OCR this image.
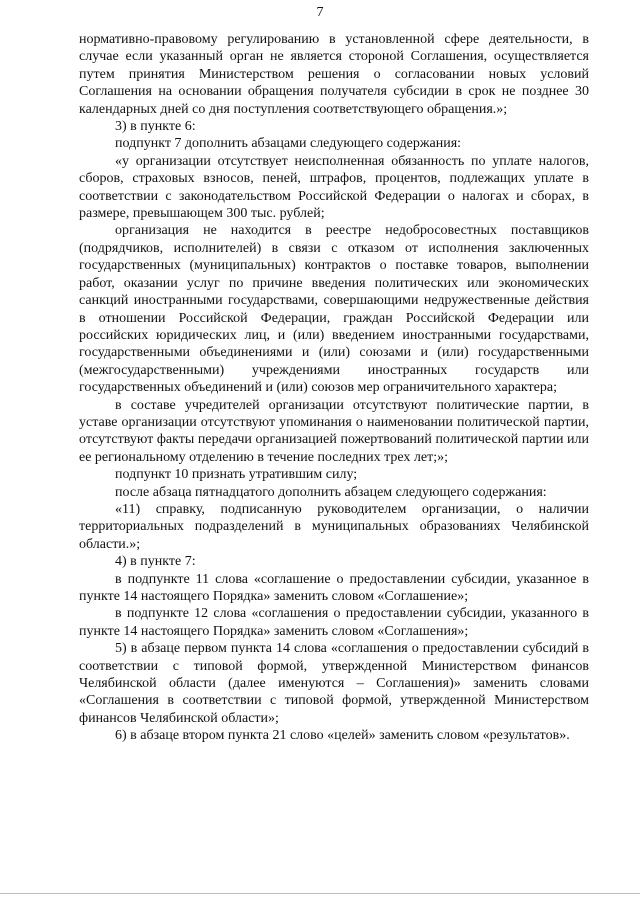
7

нормативно-правовому регулированию в установленной сфере деятельности, в случае если указанный орган не является стороной Соглашения, осуществляется путем принятия Министерством решения о согласовании новых условий Соглашения на основании обращения получателя субсидии в срок не позднее 30 календарных дней со дня поступления соответствующего обращения.»;

3) в пункте 6:

подпункт 7 дополнить абзацами следующего содержания:

«у организации отсутствует неисполненная обязанность по уплате налогов, сборов, страховых взносов, пеней, штрафов, процентов, подлежащих уплате в соответствии с законодательством Российской Федерации о налогах и сборах, в размере, превышающем 300 тыс. рублей;

организация не находится в реестре недобросовестных поставщиков (подрядчиков, исполнителей) в связи с отказом от исполнения заключенных государственных (муниципальных) контрактов о поставке товаров, выполнении работ, оказании услуг по причине введения политических или экономических санкций иностранными государствами, совершающими недружественные действия в отношении Российской Федерации, граждан Российской Федерации или российских юридических лиц, и (или) введением иностранными государствами, государственными объединениями и (или) союзами и (или) государственными (межгосударственными) учреждениями иностранных государств или государственных объединений и (или) союзов мер ограничительного характера;

в составе учредителей организации отсутствуют политические партии, в уставе организации отсутствуют упоминания о наименовании политической партии, отсутствуют факты передачи организацией пожертвований политической партии или ее региональному отделению в течение последних трех лет;»;

подпункт 10 признать утратившим силу;

после абзаца пятнадцатого дополнить абзацем следующего содержания:

«11) справку, подписанную руководителем организации, о наличии территориальных подразделений в муниципальных образованиях Челябинской области.»;

4) в пункте 7:

в подпункте 11 слова «соглашение о предоставлении субсидии, указанное в пункте 14 настоящего Порядка» заменить словом «Соглашение»;

в подпункте 12 слова «соглашения о предоставлении субсидии, указанного в пункте 14 настоящего Порядка» заменить словом «Соглашения»;

5) в абзаце первом пункта 14 слова «соглашения о предоставлении субсидий в соответствии с типовой формой, утвержденной Министерством финансов Челябинской области (далее именуются – Соглашения)» заменить словами «Соглашения в соответствии с типовой формой, утвержденной Министерством финансов Челябинской области»;

6) в абзаце втором пункта 21 слово «целей» заменить словом «результатов».
